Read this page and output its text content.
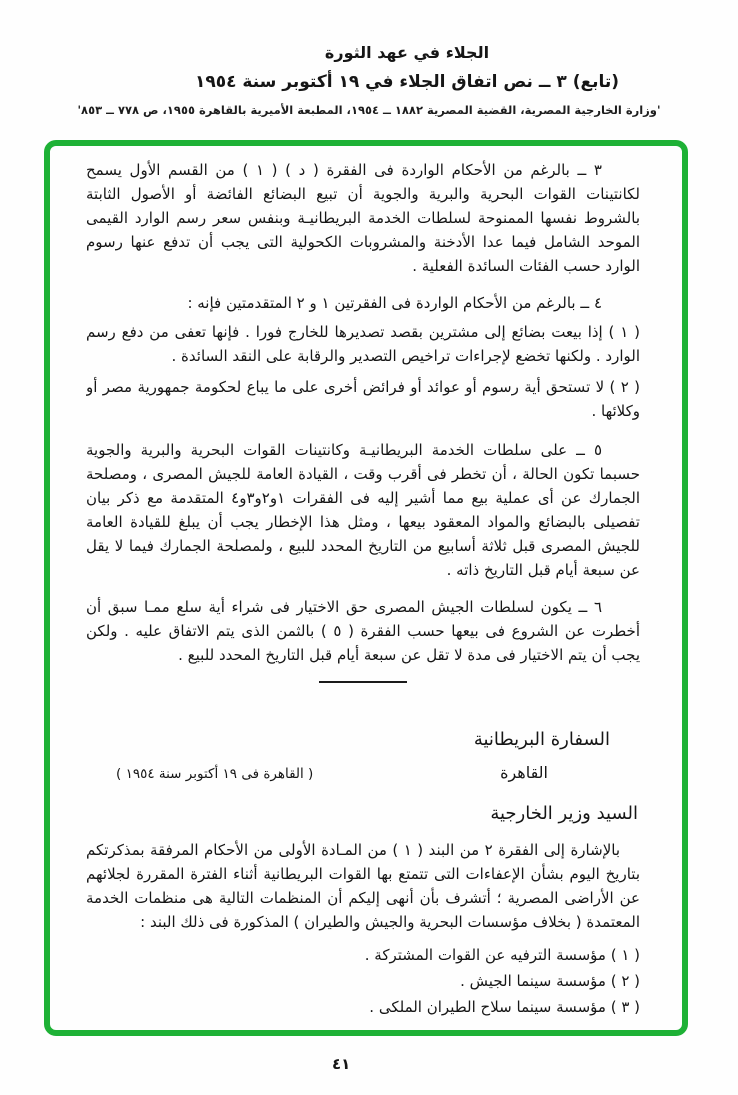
الجلاء في عهد الثورة
(تابع) ٣ ــ نص اتفاق الجلاء في ١٩ أكتوبر سنة ١٩٥٤
'وزارة الخارجية المصرية، القضية المصرية ١٨٨٢ ــ ١٩٥٤، المطبعة الأميرية بالقاهرة ١٩٥٥، ص ٧٧٨ ــ ٨٥٣'

٣ ــ بالرغم من الأحكام الواردة فى الفقرة ( د ) ( ١ ) من القسم الأول يسمح لكانتينات القوات البحرية والبرية والجوية أن تبيع البضائع الفائضة أو الأصول الثابتة بالشروط نفسها الممنوحة لسلطات الخدمة البريطانيـة وبنفس سعر رسم الوارد القيمى الموحد الشامل فيما عدا الأدخنة والمشروبات الكحولية التى يجب أن تدفع عنها رسوم الوارد حسب الفئات السائدة الفعلية .

٤ ــ بالرغم من الأحكام الواردة فى الفقرتين ١ و ٢ المتقدمتين فإنه :

( ١ ) إذا بيعت بضائع إلى مشترين بقصد تصديرها للخارج فورا . فإنها تعفى من دفع رسم الوارد . ولكنها تخضع لإجراءات تراخيص التصدير والرقابة على النقد السائدة .

( ٢ ) لا تستحق أية رسوم أو عوائد أو فرائض أخرى على ما يباع لحكومة جمهورية مصر أو وكلائها .

٥ ــ على سلطات الخدمة البريطانيـة وكانتينات القوات البحرية والبرية والجوية حسبما تكون الحالة ، أن تخطر فى أقرب وقت ، القيادة العامة للجيش المصرى ، ومصلحة الجمارك عن أى عملية بيع مما أشير إليه فى الفقرات ١و٢و٣و٤ المتقدمة مع ذكر بيان تفصيلى بالبضائع والمواد المعقود بيعها ، ومثل هذا الإخطار يجب أن يبلغ للقيادة العامة للجيش المصرى قبل ثلاثة أسابيع من التاريخ المحدد للبيع ، ولمصلحة الجمارك فيما لا يقل عن سبعة أيام قبل التاريخ ذاته .

٦ ــ يكون لسلطات الجيش المصرى حق الاختيار فى شراء أية سلع ممـا سبق أن أخطرت عن الشروع فى بيعها حسب الفقرة ( ٥ ) بالثمن الذى يتم الاتفاق عليه . ولكن يجب أن يتم الاختيار فى مدة لا تقل عن سبعة أيام قبل التاريخ المحدد للبيع .

السفارة البريطانية
القاهرة
( القاهرة فى ١٩ أكتوبر سنة ١٩٥٤ )
السيد وزير الخارجية

بالإشارة إلى الفقرة ٢ من البند ( ١ ) من المـادة الأولى من الأحكام المرفقة بمذكرتكم بتاريخ اليوم بشأن الإعفاءات التى تتمتع بها القوات البريطانية أثناء الفترة المقررة لجلائهم عن الأراضى المصرية ؛ أتشرف بأن أنهى إليكم أن المنظمات التالية هى منظمات الخدمة المعتمدة ( بخلاف مؤسسات البحرية والجيش والطيران ) المذكورة فى ذلك البند :

( ١ ) مؤسسة الترفيه عن القوات المشتركة .
( ٢ ) مؤسسة سينما الجيش .
( ٣ ) مؤسسة سينما سلاح الطيران الملكى .
٤١
